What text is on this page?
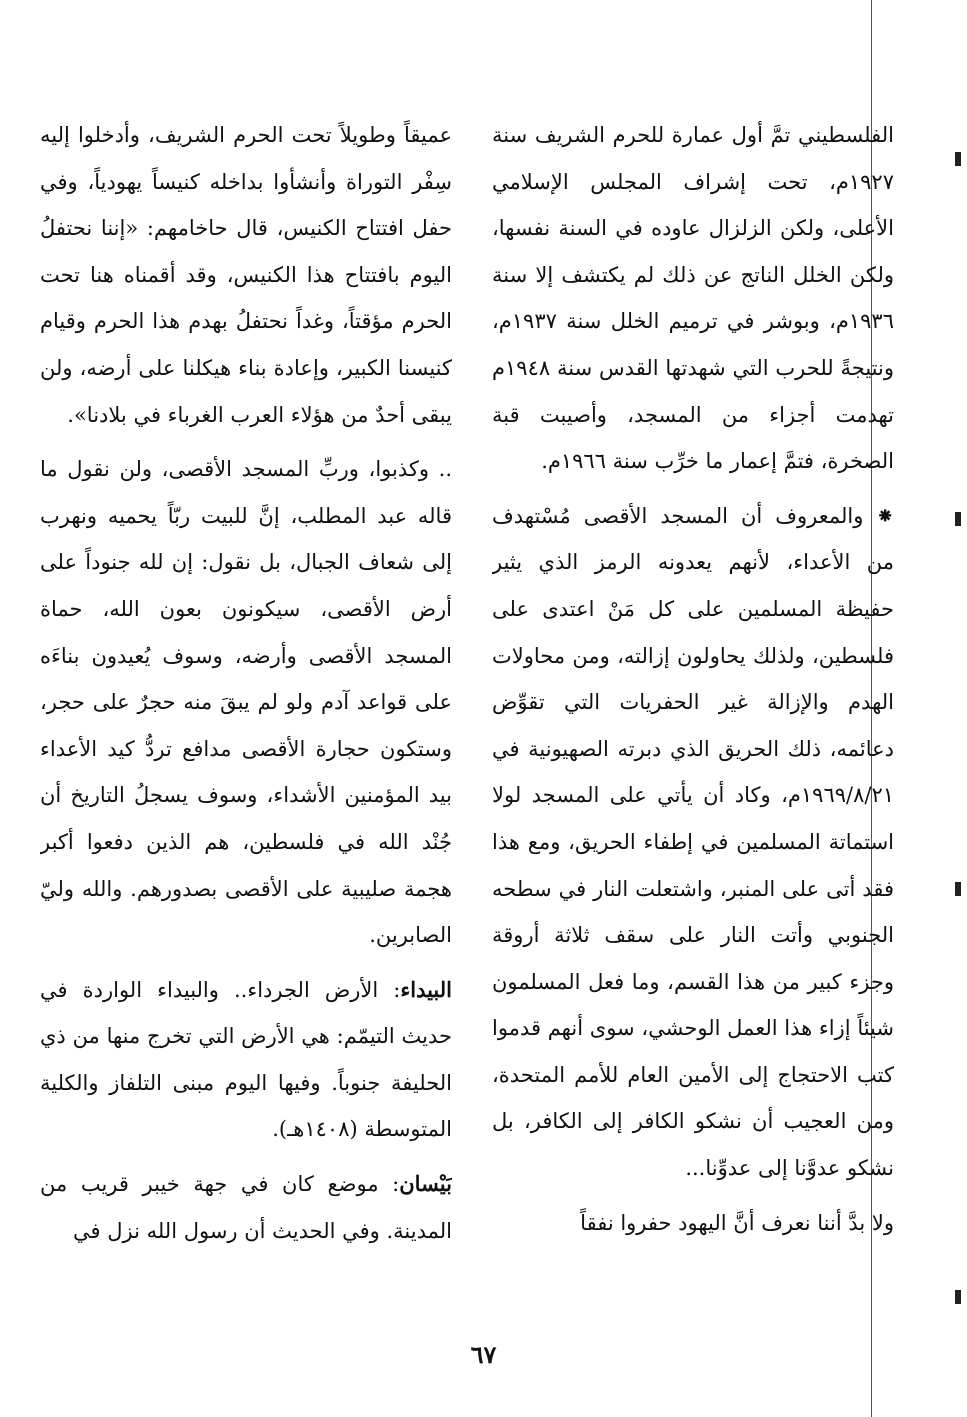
الفلسطيني تمَّ أول عمارة للحرم الشريف سنة ١٩٢٧م، تحت إشراف المجلس الإسلامي الأعلى، ولكن الزلزال عاوده في السنة نفسها، ولكن الخلل الناتج عن ذلك لم يكتشف إلا سنة ١٩٣٦م، وبوشر في ترميم الخلل سنة ١٩٣٧م، ونتيجةً للحرب التي شهدتها القدس سنة ١٩٤٨م تهدمت أجزاء من المسجد، وأصيبت قبة الصخرة، فتمَّ إعمار ما خرِّب سنة ١٩٦٦م.

⁕ والمعروف أن المسجد الأقصى مُسْتهدف من الأعداء، لأنهم يعدونه الرمز الذي يثير حفيظة المسلمين على كل مَنْ اعتدى على فلسطين، ولذلك يحاولون إزالته، ومن محاولات الهدم والإزالة غير الحفريات التي تقوِّض دعائمه، ذلك الحريق الذي دبرته الصهيونية في ١٩٦٩/٨/٢١م، وكاد أن يأتي على المسجد لولا استماتة المسلمين في إطفاء الحريق، ومع هذا فقد أتى على المنبر، واشتعلت النار في سطحه الجنوبي وأتت النار على سقف ثلاثة أروقة وجزء كبير من هذا القسم، وما فعل المسلمون شيئاً إزاء هذا العمل الوحشي، سوى أنهم قدموا كتب الاحتجاج إلى الأمين العام للأمم المتحدة، ومن العجيب أن نشكو الكافر إلى الكافر، بل نشكو عدوَّنا إلى عدوِّنا...

ولا بدَّ أننا نعرف أنَّ اليهود حفروا نفقاً

عميقاً وطويلاً تحت الحرم الشريف، وأدخلوا إليه سِفْر التوراة وأنشأوا بداخله كنيساً يهودياً، وفي حفل افتتاح الكنيس، قال حاخامهم: «إننا نحتفلُ اليوم بافتتاح هذا الكنيس، وقد أقمناه هنا تحت الحرم مؤقتاً، وغداً نحتفلُ بهدم هذا الحرم وقيام كنيسنا الكبير، وإعادة بناء هيكلنا على أرضه، ولن يبقى أحدٌ من هؤلاء العرب الغرباء في بلادنا».

.. وكذبوا، وربِّ المسجد الأقصى، ولن نقول ما قاله عبد المطلب، إنَّ للبيت ربّاً يحميه ونهرب إلى شعاف الجبال، بل نقول: إن لله جنوداً على أرض الأقصى، سيكونون بعون الله، حماة المسجد الأقصى وأرضه، وسوف يُعيدون بناءَه على قواعد آدم ولو لم يبقَ منه حجرٌ على حجر، وستكون حجارة الأقصى مدافع تردُّ كيد الأعداء بيد المؤمنين الأشداء، وسوف يسجلُ التاريخ أن جُنْد الله في فلسطين، هم الذين دفعوا أكبر هجمة صليبية على الأقصى بصدورهم. والله وليّ الصابرين.

البيداء: الأرض الجرداء.. والبيداء الواردة في حديث التيمّم: هي الأرض التي تخرج منها من ذي الحليفة جنوباً. وفيها اليوم مبنى التلفاز والكلية المتوسطة (١٤٠٨هـ).

بَيْسان: موضع كان في جهة خيبر قريب من المدينة. وفي الحديث أن رسول الله نزل في

٦٧
